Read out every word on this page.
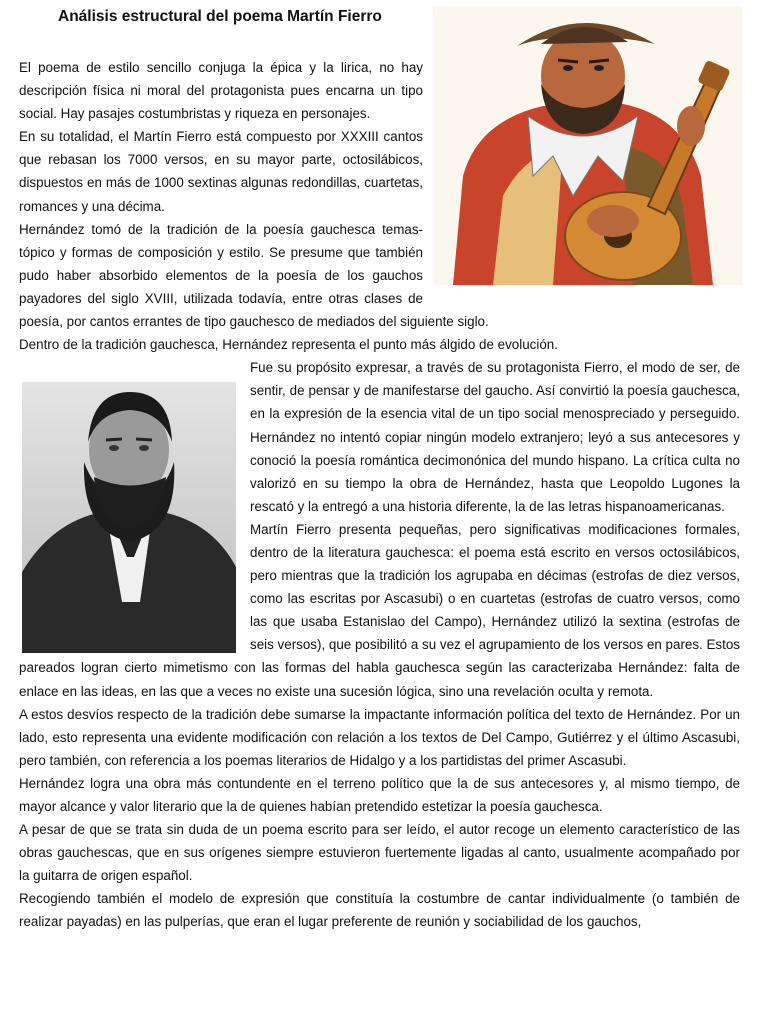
Análisis estructural del poema Martín Fierro

El poema de estilo sencillo conjuga la épica y la lirica, no hay descripción física ni moral del protagonista pues encarna un tipo social. Hay pasajes costumbristas y riqueza en personajes.

En su totalidad, el Martín Fierro está compuesto por XXXIII cantos que rebasan los 7000 versos, en su mayor parte, octosilábicos, dispuestos en más de 1000 sextinas algunas redondillas, cuartetas, romances y una décima.

Hernández tomó de la tradición de la poesía gauchesca temas-tópico y formas de composición y estilo. Se presume que también pudo haber absorbido elementos de la poesía de los gauchos payadores del siglo XVIII, utilizada todavía, entre otras clases de poesía, por cantos errantes de tipo gauchesco de mediados del siguiente siglo.

Dentro de la tradición gauchesca, Hernández representa el punto más álgido de evolución.

Fue su propósito expresar, a través de su protagonista Fierro, el modo de ser, de sentir, de pensar y de manifestarse del gaucho. Así convirtió la poesía gauchesca, en la expresión de la esencia vital de un tipo social menospreciado y perseguido. Hernández no intentó copiar ningún modelo extranjero; leyó a sus antecesores y conoció la poesía romántica decimonónica del mundo hispano. La crítica culta no valorizó en su tiempo la obra de Hernández, hasta que Leopoldo Lugones la rescató y la entregó a una historia diferente, la de las letras hispanoamericanas.

Martín Fierro presenta pequeñas, pero significativas modificaciones formales, dentro de la literatura gauchesca: el poema está escrito en versos octosilábicos, pero mientras que la tradición los agrupaba en décimas (estrofas de diez versos, como las escritas por Ascasubi) o en cuartetas (estrofas de cuatro versos, como las que usaba Estanislao del Campo), Hernández utilizó la sextina (estrofas de seis versos), que posibilitó a su vez el agrupamiento de los versos en pares. Estos pareados logran cierto mimetismo con las formas del habla gauchesca según las caracterizaba Hernández: falta de enlace en las ideas, en las que a veces no existe una sucesión lógica, sino una revelación oculta y remota.

A estos desvíos respecto de la tradición debe sumarse la impactante información política del texto de Hernández. Por un lado, esto representa una evidente modificación con relación a los textos de Del Campo, Gutiérrez y el último Ascasubi, pero también, con referencia a los poemas literarios de Hidalgo y a los partidistas del primer Ascasubi.

Hernández logra una obra más contundente en el terreno político que la de sus antecesores y, al mismo tiempo, de mayor alcance y valor literario que la de quienes habían pretendido estetizar la poesía gauchesca.

A pesar de que se trata sin duda de un poema escrito para ser leído, el autor recoge un elemento característico de las obras gauchescas, que en sus orígenes siempre estuvieron fuertemente ligadas al canto, usualmente acompañado por la guitarra de origen español.

Recogiendo también el modelo de expresión que constituía la costumbre de cantar individualmente (o también de realizar payadas) en las pulperías, que eran el lugar preferente de reunión y sociabilidad de los gauchos,
